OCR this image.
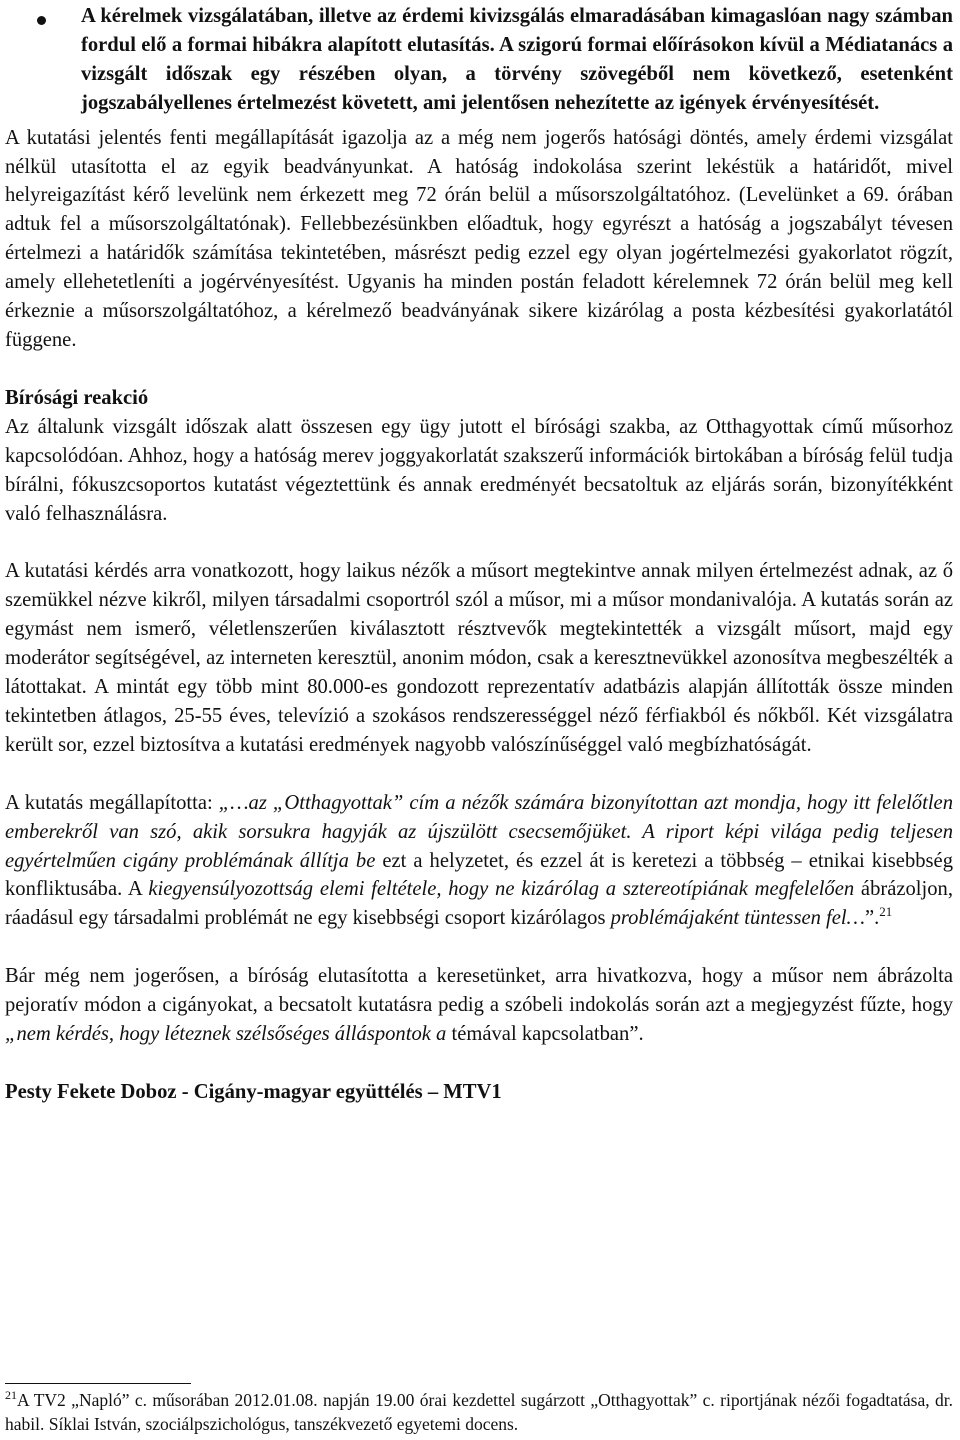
A kérelmek vizsgálatában, illetve az érdemi kivizsgálás elmaradásában kimagaslóan nagy számban fordul elő a formai hibákra alapított elutasítás. A szigorú formai előírásokon kívül a Médiatanács a vizsgált időszak egy részében olyan, a törvény szövegéből nem következő, esetenként jogszabályellenes értelmezést követett, ami jelentősen nehezítette az igények érvényesítését.

A kutatási jelentés fenti megállapítását igazolja az a még nem jogerős hatósági döntés, amely érdemi vizsgálat nélkül utasította el az egyik beadványunkat. A hatóság indokolása szerint lekéstük a határidőt, mivel helyreigazítást kérő levelünk nem érkezett meg 72 órán belül a műsorszolgáltatóhoz. (Levelünket a 69. órában adtuk fel a műsorszolgáltatónak). Fellebbezésünkben előadtuk, hogy egyrészt a hatóság a jogszabályt tévesen értelmezi a határidők számítása tekintetében, másrészt pedig ezzel egy olyan jogértelmezési gyakorlatot rögzít, amely ellehetetleníti a jogérvényesítést. Ugyanis ha minden postán feladott kérelemnek 72 órán belül meg kell érkeznie a műsorszolgáltatóhoz, a kérelmező beadványának sikere kizárólag a posta kézbesítési gyakorlatától függene.

Bírósági reakció

Az általunk vizsgált időszak alatt összesen egy ügy jutott el bírósági szakba, az Otthagyottak című műsorhoz kapcsolódóan. Ahhoz, hogy a hatóság merev joggyakorlatát szakszerű információk birtokában a bíróság felül tudja bírálni, fókuszcsoportos kutatást végeztettünk és annak eredményét becsatoltuk az eljárás során, bizonyítékként való felhasználásra.

A kutatási kérdés arra vonatkozott, hogy laikus nézők a műsort megtekintve annak milyen értelmezést adnak, az ő szemükkel nézve kikről, milyen társadalmi csoportról szól a műsor, mi a műsor mondanivalója. A kutatás során az egymást nem ismerő, véletlenszerűen kiválasztott résztvevők megtekintették a vizsgált műsort, majd egy moderátor segítségével, az interneten keresztül, anonim módon, csak a keresztnevükkel azonosítva megbeszélték a látottakat. A mintát egy több mint 80.000-es gondozott reprezentatív adatbázis alapján állították össze minden tekintetben átlagos, 25-55 éves, televízió a szokásos rendszerességgel néző férfiakból és nőkből. Két vizsgálatra került sor, ezzel biztosítva a kutatási eredmények nagyobb valószínűséggel való megbízhatóságát.

A kutatás megállapította: „…az „Otthagyottak” cím a nézők számára bizonyítottan azt mondja, hogy itt felelőtlen emberekről van szó, akik sorsukra hagyják az újszülött csecsemőjüket. A riport képi világa pedig teljesen egyértelműen cigány problémának állítja be ezt a helyzetet, és ezzel át is keretezi a többség – etnikai kisebbség konfliktusába. A kiegyensúlyozottság elemi feltétele, hogy ne kizárólag a sztereotípiának megfelelően ábrázoljon, ráadásul egy társadalmi problémát ne egy kisebbségi csoport kizárólagos problémájaként tüntessen fel…”.$^{21}$

Bár még nem jogerősen, a bíróság elutasította a keresetünket, arra hivatkozva, hogy a műsor nem ábrázolta pejoratív módon a cigányokat, a becsatolt kutatásra pedig a szóbeli indokolás során azt a megjegyzést fűzte, hogy „nem kérdés, hogy léteznek szélsőséges álláspontok a témával kapcsolatban”.

Pesty Fekete Doboz - Cigány-magyar együttélés – MTV1

$^{21}$A TV2 „Napló” c. műsorában 2012.01.08. napján 19.00 órai kezdettel sugárzott „Otthagyottak” c. riportjának nézői fogadtatása, dr. habil. Síklai István, szociálpszichológus, tanszékvezető egyetemi docens.
